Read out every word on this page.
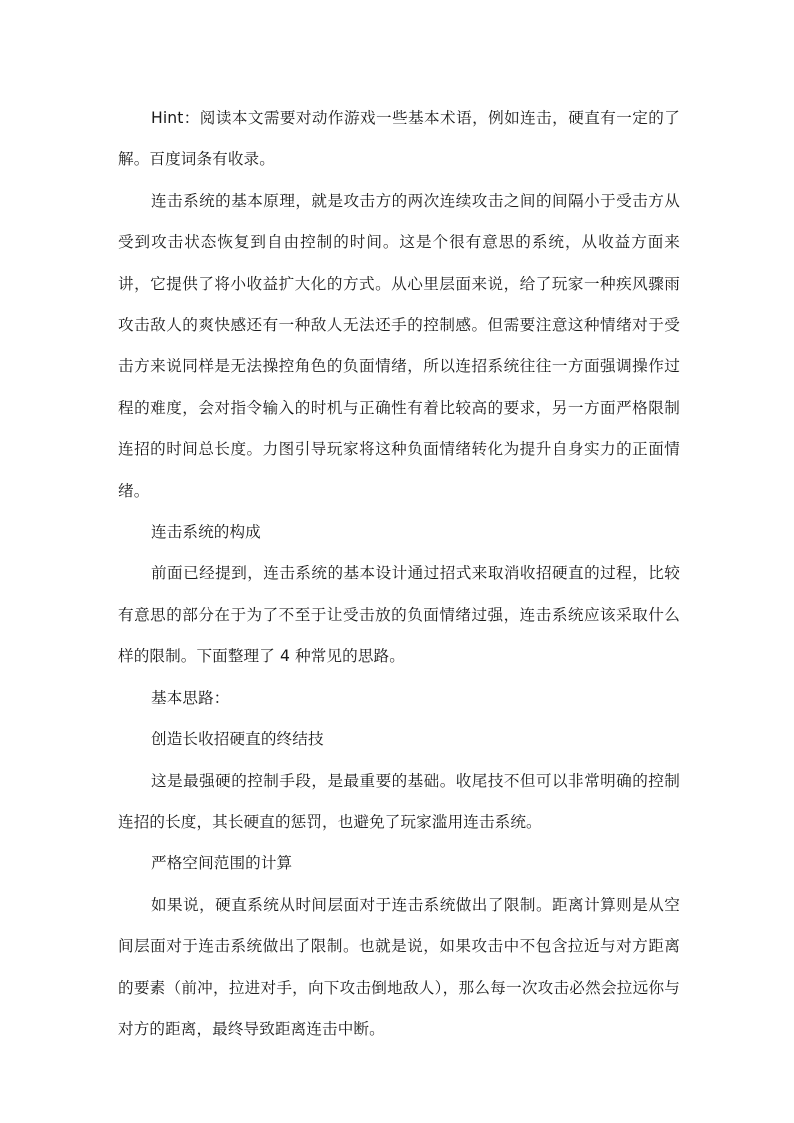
Hint：阅读本文需要对动作游戏一些基本术语，例如连击，硬直有一定的了解。百度词条有收录。

连击系统的基本原理，就是攻击方的两次连续攻击之间的间隔小于受击方从受到攻击状态恢复到自由控制的时间。这是个很有意思的系统，从收益方面来讲，它提供了将小收益扩大化的方式。从心里层面来说，给了玩家一种疾风骤雨攻击敌人的爽快感还有一种敌人无法还手的控制感。但需要注意这种情绪对于受击方来说同样是无法操控角色的负面情绪，所以连招系统往往一方面强调操作过程的难度，会对指令输入的时机与正确性有着比较高的要求，另一方面严格限制连招的时间总长度。力图引导玩家将这种负面情绪转化为提升自身实力的正面情绪。

连击系统的构成

前面已经提到，连击系统的基本设计通过招式来取消收招硬直的过程，比较有意思的部分在于为了不至于让受击放的负面情绪过强，连击系统应该采取什么样的限制。下面整理了 4 种常见的思路。

基本思路：

创造长收招硬直的终结技

这是最强硬的控制手段，是最重要的基础。收尾技不但可以非常明确的控制连招的长度，其长硬直的惩罚，也避免了玩家滥用连击系统。

严格空间范围的计算

如果说，硬直系统从时间层面对于连击系统做出了限制。距离计算则是从空间层面对于连击系统做出了限制。也就是说，如果攻击中不包含拉近与对方距离的要素（前冲，拉进对手，向下攻击倒地敌人），那么每一次攻击必然会拉远你与对方的距离，最终导致距离连击中断。
